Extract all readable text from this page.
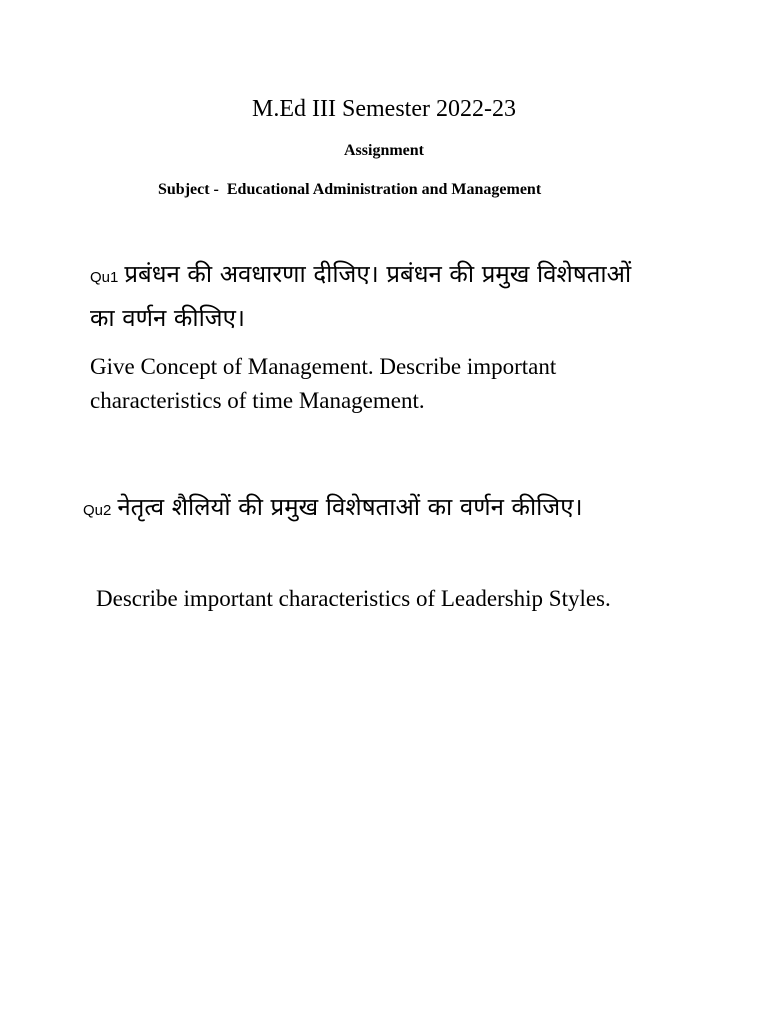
M.Ed III Semester 2022-23
Assignment
Subject -  Educational Administration and Management
Qu1 प्रबंधन की अवधारणा दीजिए। प्रबंधन की प्रमुख विशेषताओं का वर्णन कीजिए।
Give Concept of Management. Describe important characteristics of time Management.
Qu2 नेतृत्व शैलियों की प्रमुख विशेषताओं का वर्णन कीजिए।
Describe important characteristics of Leadership Styles.
